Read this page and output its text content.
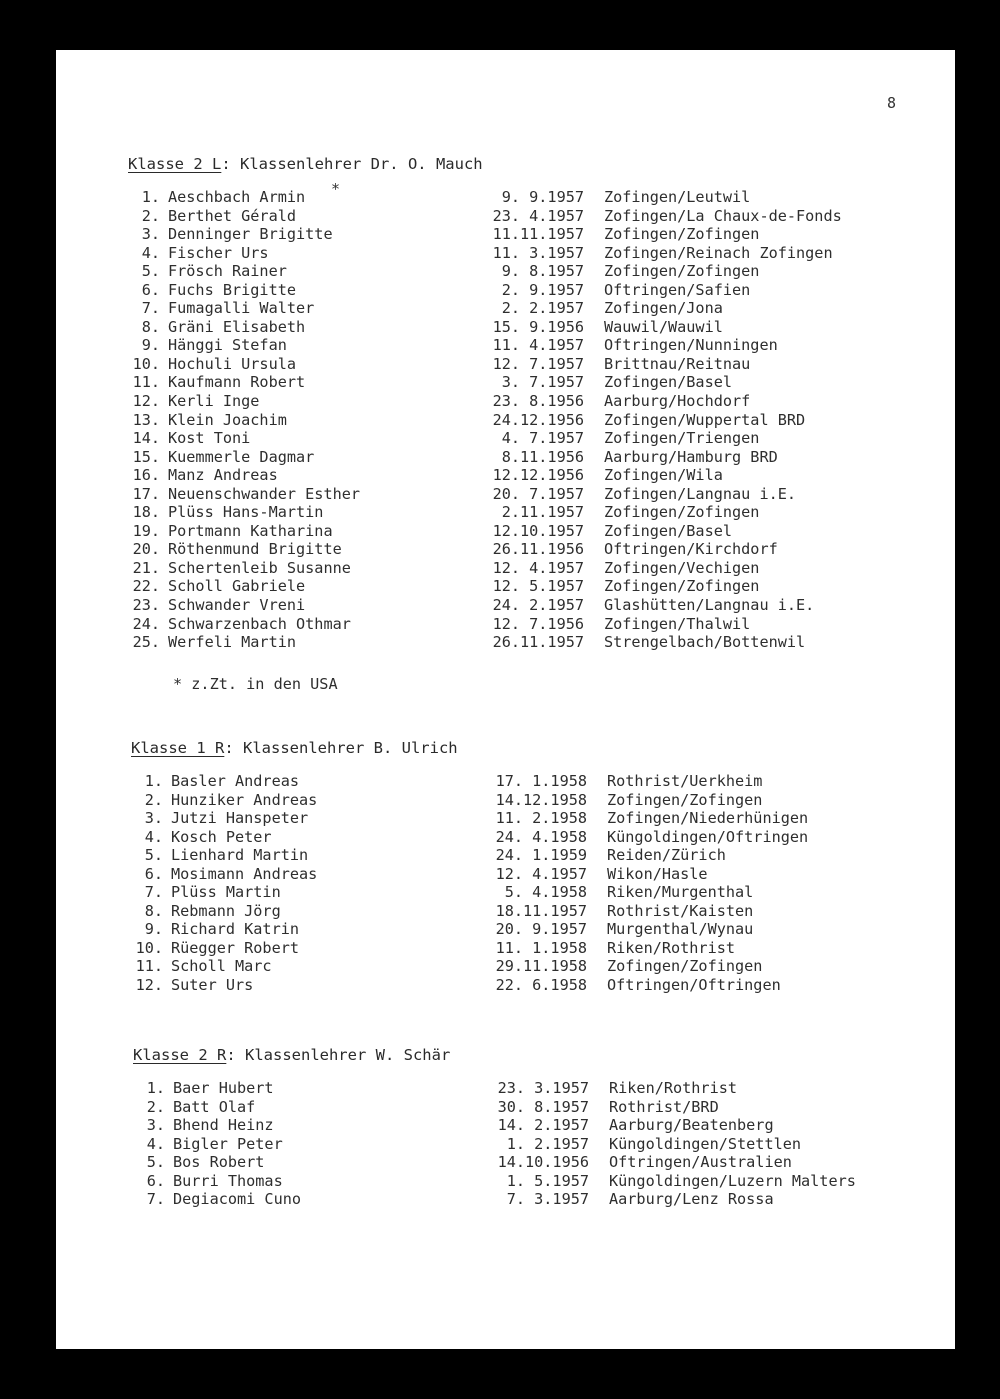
8
Klasse 2 L: Klassenlehrer Dr. O. Mauch
1. Aeschbach Armin	9. 9.1957 Zofingen/Leutwil
2. Berthet Gérald	23. 4.1957 Zofingen/La Chaux-de-Fonds
3. Denninger Brigitte	11.11.1957 Zofingen/Zofingen
4. Fischer Urs	11. 3.1957 Zofingen/Reinach Zofingen
5. Frösch Rainer	9. 8.1957 Zofingen/Zofingen
6. Fuchs Brigitte	2. 9.1957 Oftringen/Safien
7. Fumagalli Walter	2. 2.1957 Zofingen/Jona
8. Gräni Elisabeth	15. 9.1956 Wauwil/Wauwil
9. Hänggi Stefan	11. 4.1957 Oftringen/Nunningen
10. Hochuli Ursula	12. 7.1957 Brittnau/Reitnau
11. Kaufmann Robert	3. 7.1957 Zofingen/Basel
12. Kerli Inge	23. 8.1956 Aarburg/Hochdorf
13. Klein Joachim	24.12.1956 Zofingen/Wuppertal BRD
14. Kost Toni	4. 7.1957 Zofingen/Triengen
15. Kuemmerle Dagmar	8.11.1956 Aarburg/Hamburg BRD
16. Manz Andreas	12.12.1956 Zofingen/Wila
17. Neuenschwander Esther	20. 7.1957 Zofingen/Langnau i.E.
18. Plüss Hans-Martin	2.11.1957 Zofingen/Zofingen
19. Portmann Katharina	12.10.1957 Zofingen/Basel
20. Röthenmund Brigitte	26.11.1956 Oftringen/Kirchdorf
21. Schertenleib Susanne	12. 4.1957 Zofingen/Vechigen
22. Scholl Gabriele	12. 5.1957 Zofingen/Zofingen
23. Schwander Vreni	24. 2.1957 Glashütten/Langnau i.E.
24. Schwarzenbach Othmar	12. 7.1956 Zofingen/Thalwil
25. Werfeli Martin	26.11.1957 Strengelbach/Bottenwil
*
* z.Zt. in den USA
Klasse 1 R: Klassenlehrer B. Ulrich
1. Basler Andreas	17. 1.1958 Rothrist/Uerkheim
2. Hunziker Andreas	14.12.1958 Zofingen/Zofingen
3. Jutzi Hanspeter	11. 2.1958 Zofingen/Niederhünigen
4. Kosch Peter	24. 4.1958 Küngoldingen/Oftringen
5. Lienhard Martin	24. 1.1959 Reiden/Zürich
6. Mosimann Andreas	12. 4.1957 Wikon/Hasle
7. Plüss Martin	5. 4.1958 Riken/Murgenthal
8. Rebmann Jörg	18.11.1957 Rothrist/Kaisten
9. Richard Katrin	20. 9.1957 Murgenthal/Wynau
10. Rüegger Robert	11. 1.1958 Riken/Rothrist
11. Scholl Marc	29.11.1958 Zofingen/Zofingen
12. Suter Urs	22. 6.1958 Oftringen/Oftringen
Klasse 2 R: Klassenlehrer W. Schär
1. Baer Hubert	23. 3.1957 Riken/Rothrist
2. Batt Olaf	30. 8.1957 Rothrist/BRD
3. Bhend Heinz	14. 2.1957 Aarburg/Beatenberg
4. Bigler Peter	1. 2.1957 Küngoldingen/Stettlen
5. Bos Robert	14.10.1956 Oftringen/Australien
6. Burri Thomas	1. 5.1957 Küngoldingen/Luzern Malters
7. Degiacomi Cuno	7. 3.1957 Aarburg/Lenz Rossa
